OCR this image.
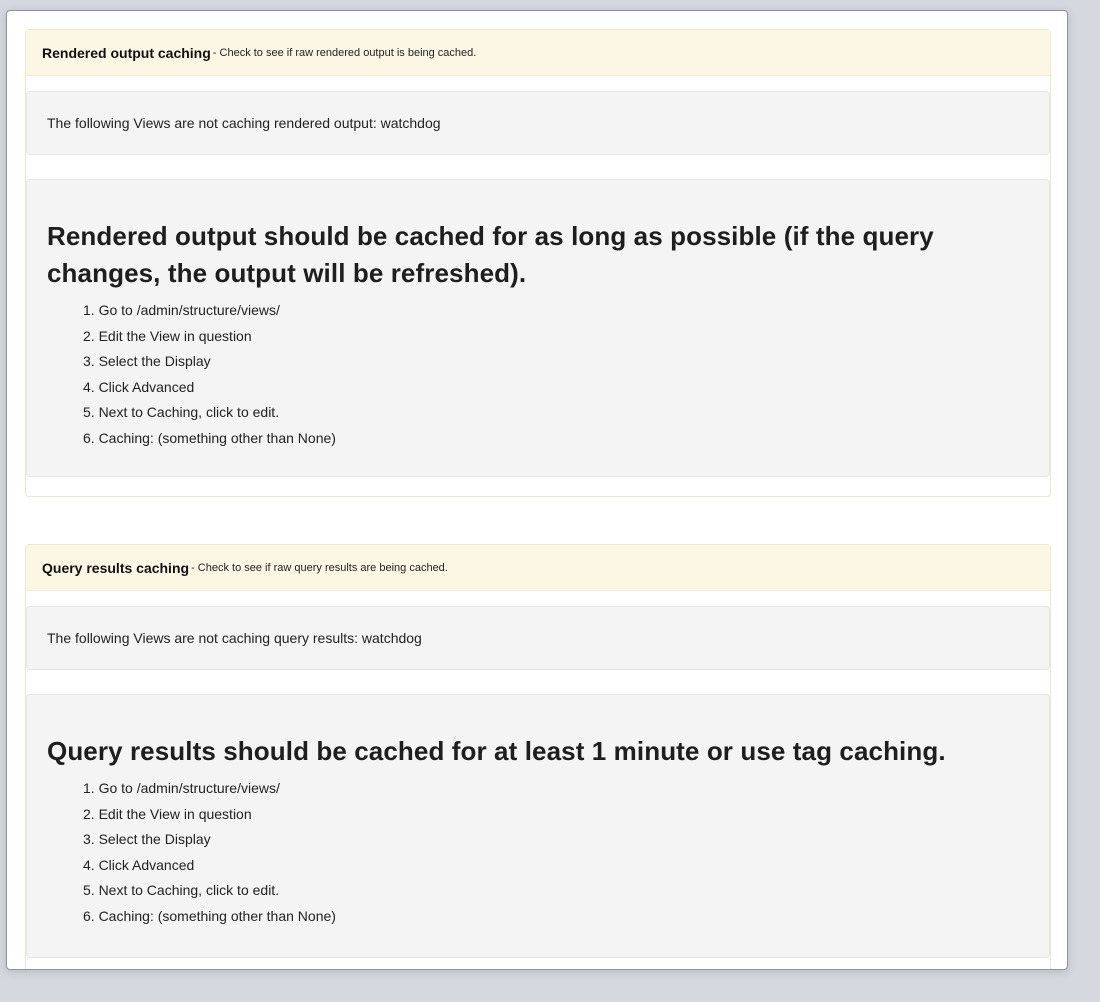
Rendered output caching - Check to see if raw rendered output is being cached.
The following Views are not caching rendered output: watchdog
Rendered output should be cached for as long as possible (if the query changes, the output will be refreshed).
1. Go to /admin/structure/views/
2. Edit the View in question
3. Select the Display
4. Click Advanced
5. Next to Caching, click to edit.
6. Caching: (something other than None)
Query results caching - Check to see if raw query results are being cached.
The following Views are not caching query results: watchdog
Query results should be cached for at least 1 minute or use tag caching.
1. Go to /admin/structure/views/
2. Edit the View in question
3. Select the Display
4. Click Advanced
5. Next to Caching, click to edit.
6. Caching: (something other than None)
